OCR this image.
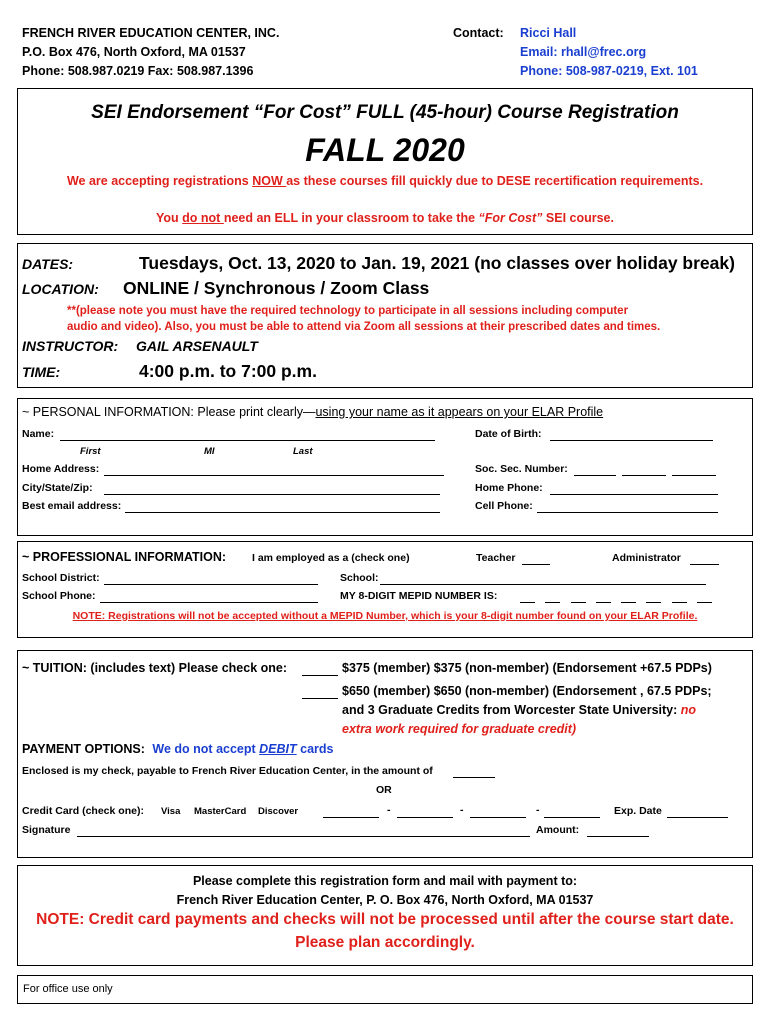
FRENCH RIVER EDUCATION CENTER, INC.
P.O. Box 476, North Oxford, MA 01537
Phone: 508.987.0219 Fax: 508.987.1396
Contact: Ricci Hall
Email: rhall@frec.org
Phone: 508-987-0219, Ext. 101
SEI Endorsement “For Cost” FULL (45-hour) Course Registration
FALL 2020
We are accepting registrations NOW as these courses fill quickly due to DESE recertification requirements.
You do not need an ELL in your classroom to take the “For Cost” SEI course.
DATES:	Tuesdays, Oct. 13, 2020 to Jan. 19, 2021 (no classes over holiday break)
LOCATION: ONLINE / Synchronous / Zoom Class
**(please note you must have the required technology to participate in all sessions including computer
audio and video). Also, you must be able to attend via Zoom all sessions at their prescribed dates and times.
INSTRUCTOR: GAIL ARSENAULT
TIME:	4:00 p.m. to 7:00 p.m.
~ PERSONAL INFORMATION: Please print clearly—using your name as it appears on your ELAR Profile
Name:
First	MI	Last
Date of Birth:
Home Address:	Soc. Sec. Number:
City/State/Zip:	Home Phone:
Best email address:	Cell Phone:
~ PROFESSIONAL INFORMATION: I am employed as a (check one)	Teacher	Administrator
School District:	School:
School Phone:	MY 8-DIGIT MEPID NUMBER IS:
NOTE: Registrations will not be accepted without a MEPID Number, which is your 8-digit number found on your ELAR Profile.
~ TUITION: (includes text) Please check one:	$375 (member) $375 (non-member) (Endorsement +67.5 PDPs)
$650 (member) $650 (non-member) (Endorsement , 67.5 PDPs;
and 3 Graduate Credits from Worcester State University: no
extra work required for graduate credit)
PAYMENT OPTIONS: We do not accept DEBIT cards
Enclosed is my check, payable to French River Education Center, in the amount of
OR
Credit Card (check one): Visa MasterCard Discover	-	-	-	Exp. Date
Signature	Amount:
Please complete this registration form and mail with payment to:
French River Education Center, P. O. Box 476, North Oxford, MA 01537
NOTE: Credit card payments and checks will not be processed until after the course start date.
Please plan accordingly.
For office use only
